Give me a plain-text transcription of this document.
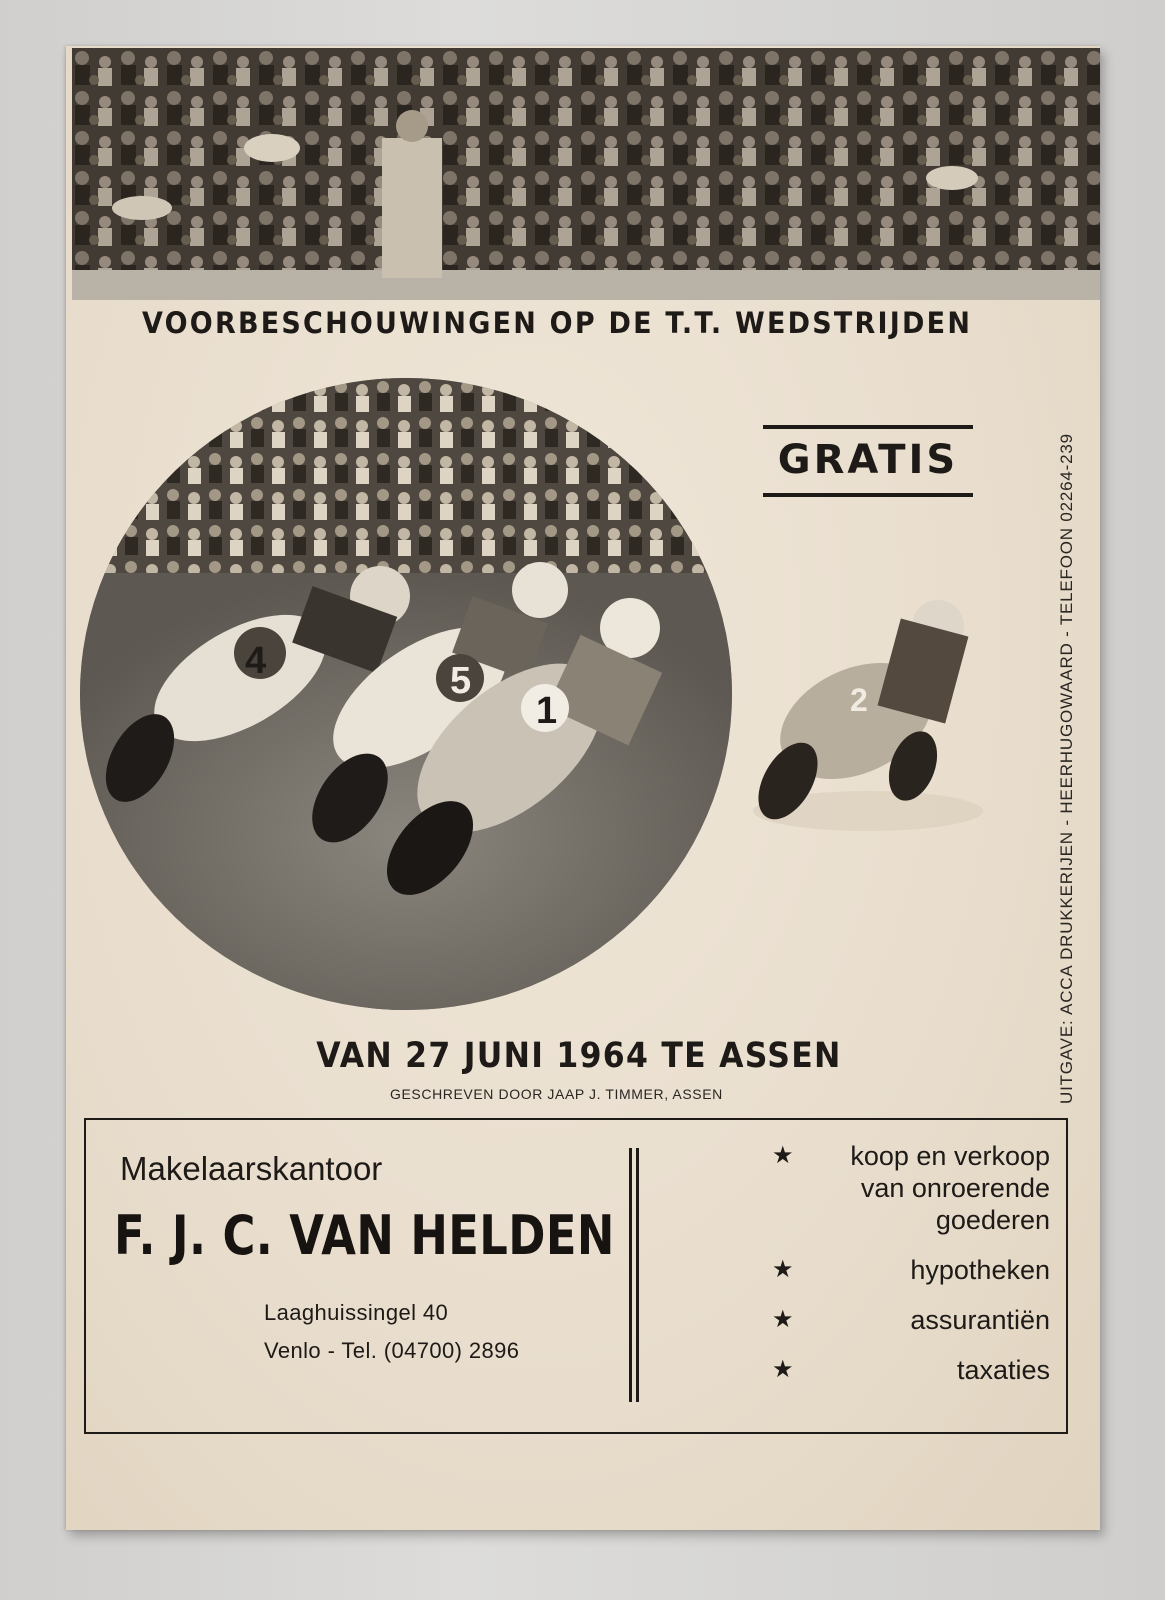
VOORBESCHOUWINGEN OP DE T.T. WEDSTRIJDEN
4	5
1	2
GRATIS	UITGAVE: ACCA DRUKKERIJEN - HEERHUGOWAARD - TELEFOON 02264-239
VAN 27 JUNI 1964 TE ASSEN
GESCHREVEN DOOR JAAP J. TIMMER, ASSEN
Makelaarskantoor
F. J. C. VAN HELDEN
Laaghuissingel 40
Venlo - Tel. (04700) 2896
★	koop en verkoop van onroerende goederen
★	hypotheken
★	assurantiën
★	taxaties
